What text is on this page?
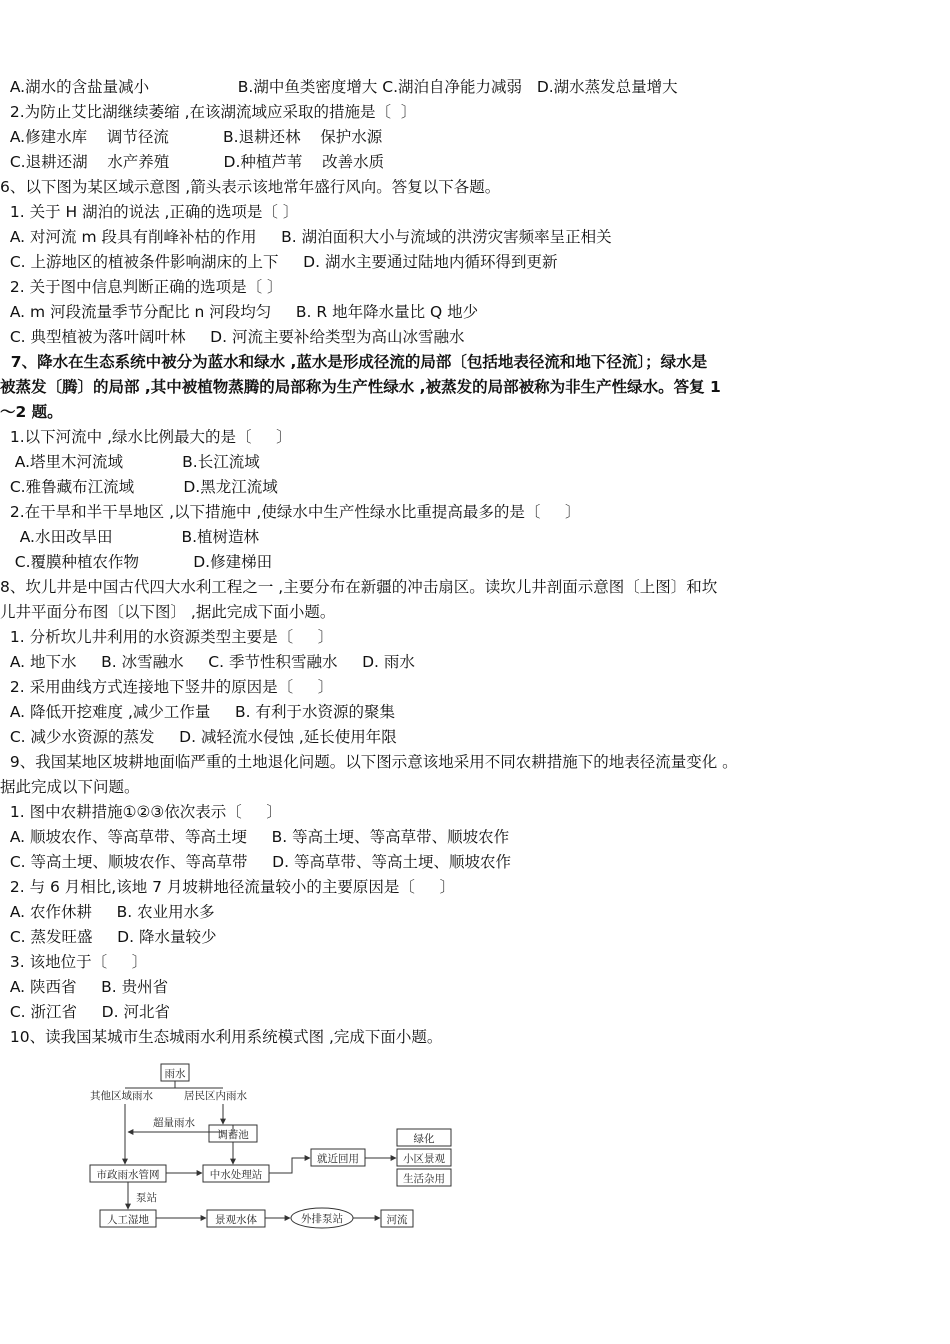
A.湖水的含盐量减小                  B.湖中鱼类密度增大 C.湖泊自净能力减弱   D.湖水蒸发总量增大
2.为防止艾比湖继续萎缩 ,在该湖流域应采取的措施是〔  〕
A.修建水库    调节径流           B.退耕还林    保护水源
C.退耕还湖    水产养殖           D.种植芦苇    改善水质
6、以下图为某区域示意图 ,箭头表示该地常年盛行风向。答复以下各题。
1. 关于 H 湖泊的说法 ,正确的选项是〔 〕
A. 对河流 m 段具有削峰补枯的作用     B. 湖泊面积大小与流域的洪涝灾害频率呈正相关
C. 上游地区的植被条件影响湖床的上下     D. 湖水主要通过陆地内循环得到更新
2. 关于图中信息判断正确的选项是〔 〕
A. m 河段流量季节分配比 n 河段均匀     B. R 地年降水量比 Q 地少
C. 典型植被为落叶阔叶林     D. 河流主要补给类型为高山冰雪融水
7、降水在生态系统中被分为蓝水和绿水 ,蓝水是形成径流的局部〔包括地表径流和地下径流〕；绿水是
被蒸发〔腾〕的局部 ,其中被植物蒸腾的局部称为生产性绿水 ,被蒸发的局部被称为非生产性绿水。答复 1
～2 题。
1.以下河流中 ,绿水比例最大的是〔     〕
A.塔里木河流域            B.长江流域
C.雅鲁藏布江流域          D.黑龙江流域
2.在干旱和半干旱地区 ,以下措施中 ,使绿水中生产性绿水比重提高最多的是〔     〕
A.水田改旱田              B.植树造林
C.覆膜种植农作物           D.修建梯田
8、坎儿井是中国古代四大水利工程之一 ,主要分布在新疆的冲击扇区。读坎儿井剖面示意图〔上图〕和坎
儿井平面分布图〔以下图〕 ,据此完成下面小题。
1. 分析坎儿井利用的水资源类型主要是〔     〕
A. 地下水     B. 冰雪融水     C. 季节性积雪融水     D. 雨水
2. 采用曲线方式连接地下竖井的原因是〔     〕
A. 降低开挖难度 ,减少工作量     B. 有利于水资源的聚集
C. 减少水资源的蒸发     D. 减轻流水侵蚀 ,延长使用年限
9、我国某地区坡耕地面临严重的土地退化问题。以下图示意该地采用不同农耕措施下的地表径流量变化 。
据此完成以下问题。
1. 图中农耕措施①②③依次表示〔     〕
A. 顺坡农作、等高草带、等高土埂     B. 等高土埂、等高草带、顺坡农作
C. 等高土埂、顺坡农作、等高草带     D. 等高草带、等高土埂、顺坡农作
2. 与 6 月相比,该地 7 月坡耕地径流量较小的主要原因是〔     〕
A. 农作休耕     B. 农业用水多
C. 蒸发旺盛     D. 降水量较少
3. 该地位于〔     〕
A. 陕西省     B. 贵州省
C. 浙江省     D. 河北省
10、读我国某城市生态城雨水利用系统模式图 ,完成下面小题。
雨水
其他区域雨水	居民区内雨水
调蓄池
超量雨水
市政雨水管网	中水处理站
就近回用
绿化
小区景观
生活杂用
泵站
人工湿地	景观水体	外排泵站	河流
